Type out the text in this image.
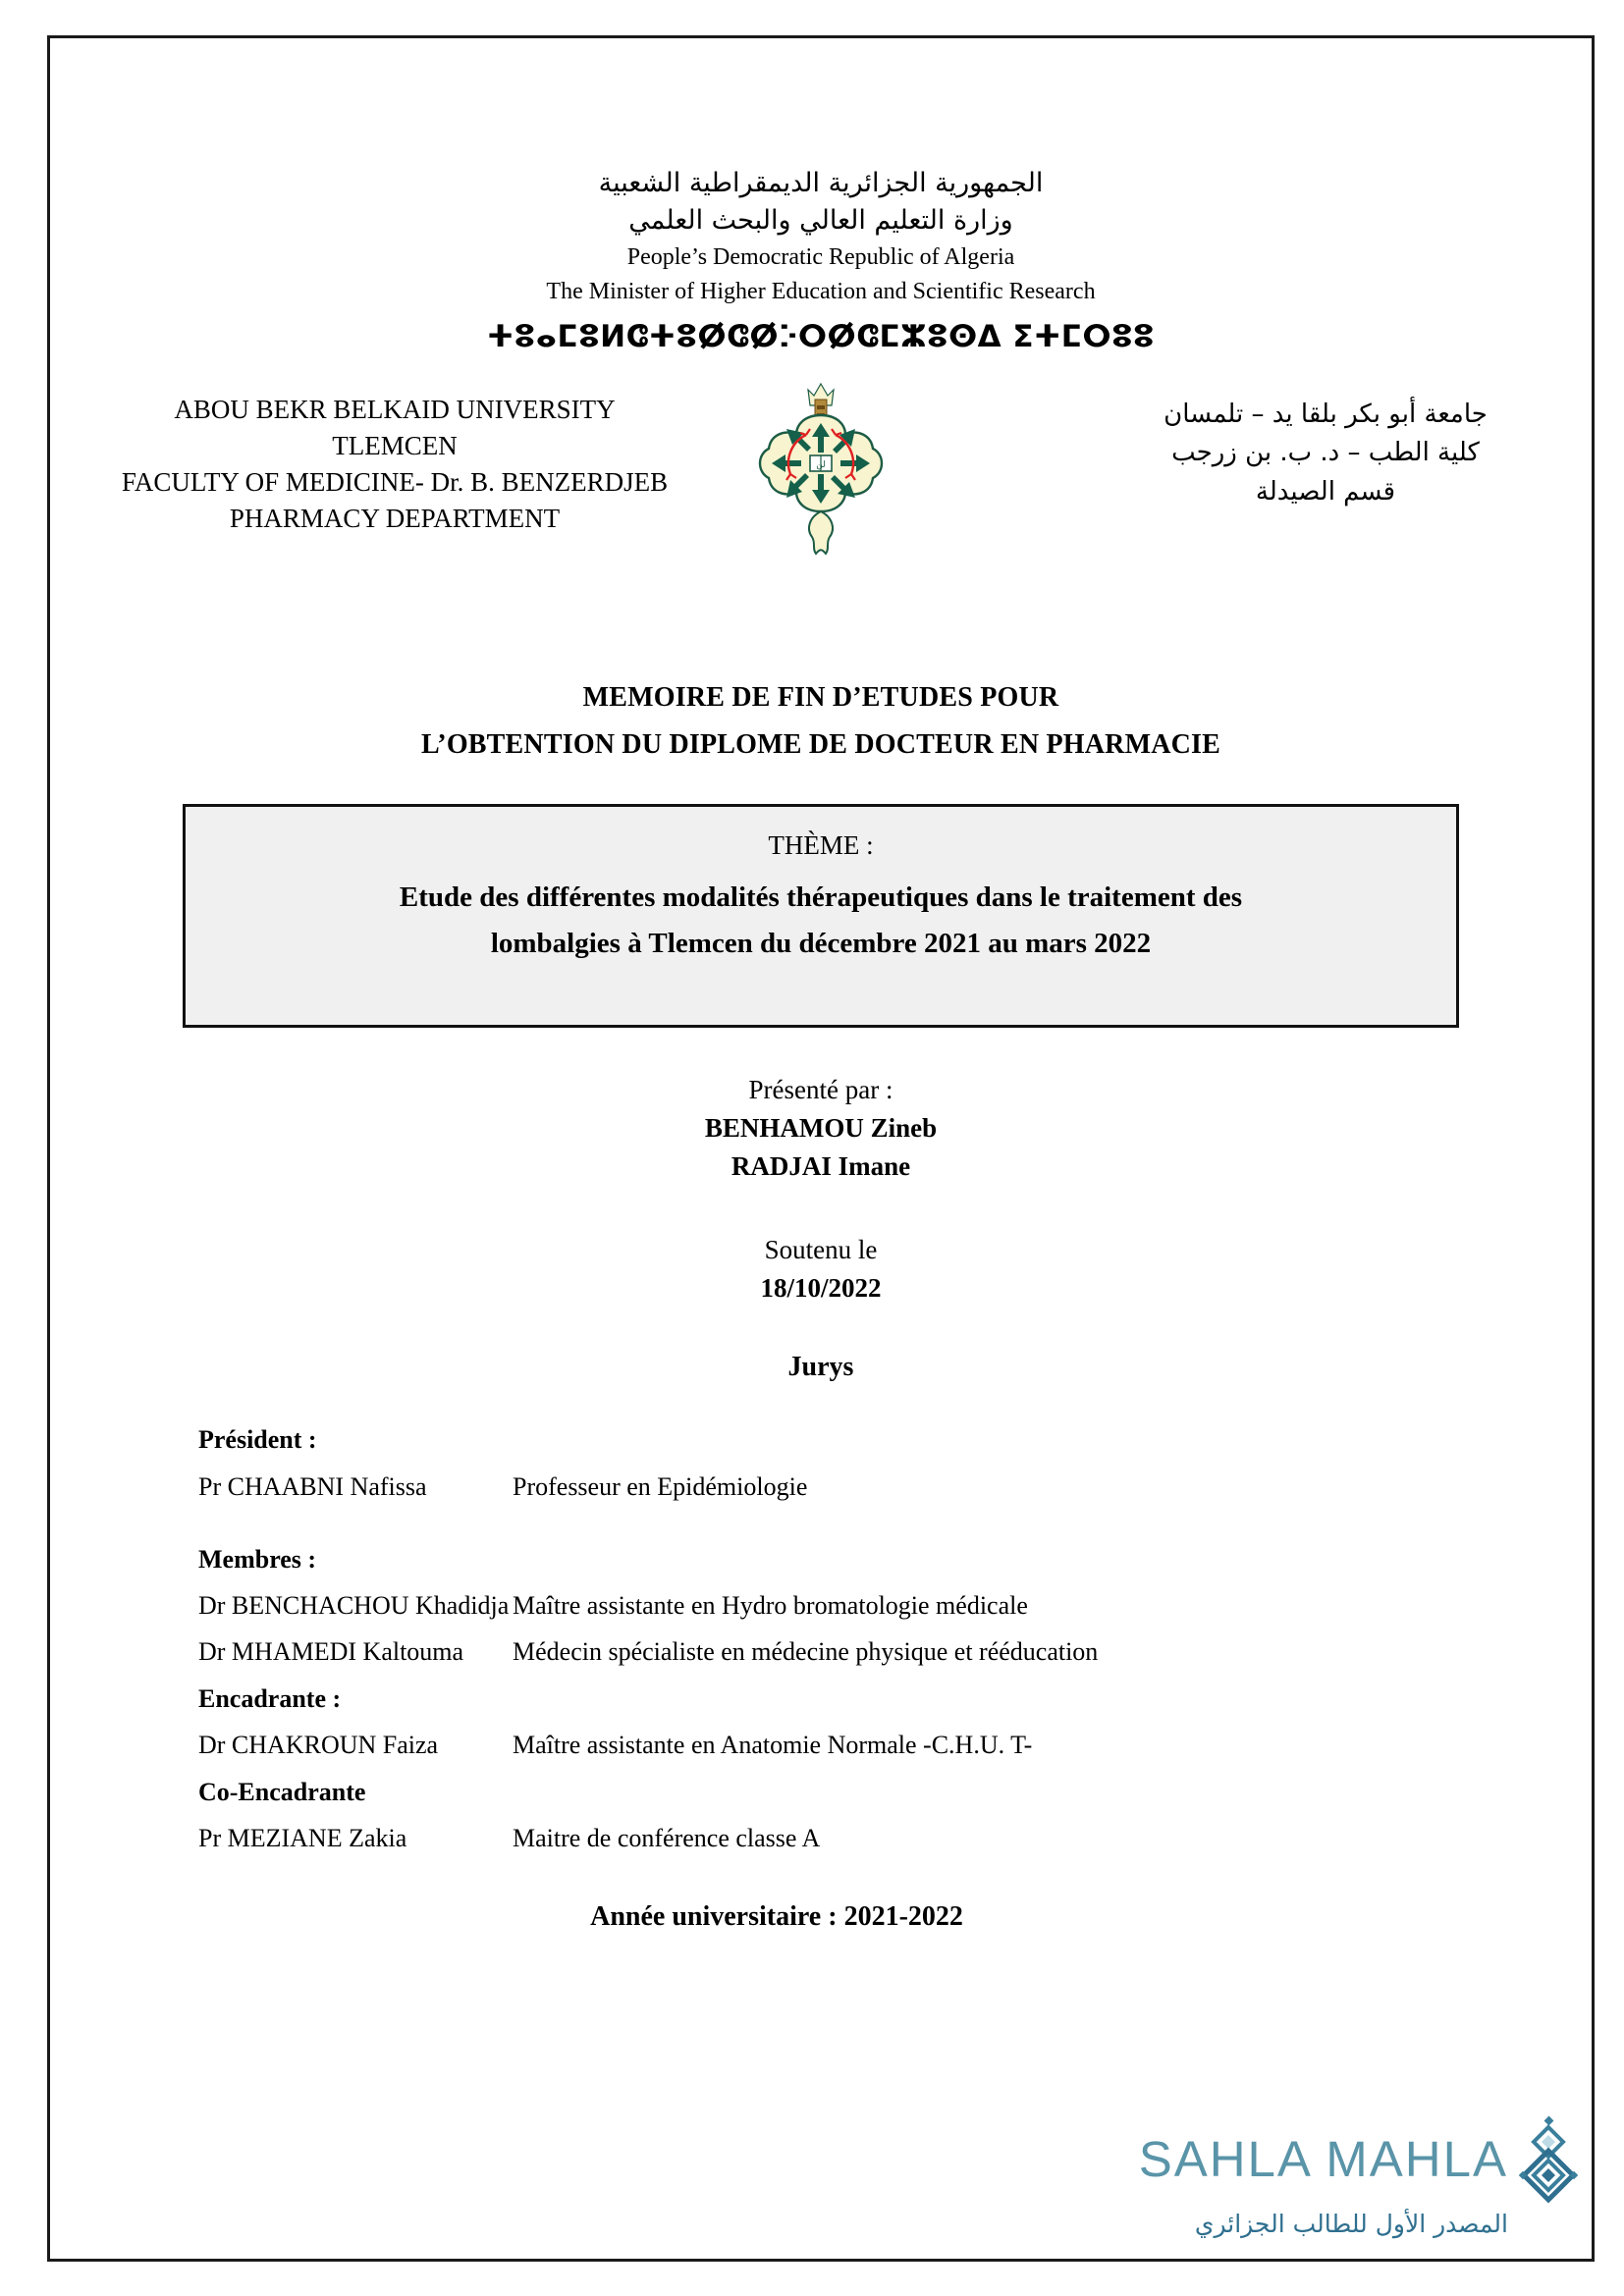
الجمهورية الجزائرية الديمقراطية الشعبية
وزارة التعليم العالي والبحث العلمي
People’s Democratic Republic of Algeria
The Minister of Higher Education and Scientific Research
ⵜⵓⴰⵎⵓⵍⵛⵜⵓⵁⵛⵁⴾⵔⵁⵛⵎⵣⵓⵙⵠ ⵉⵜⵎⵔⵓⵓ
ABOU BEKR BELKAID UNIVERSITY
TLEMCEN
FACULTY OF MEDICINE- Dr. B. BENZERDJEB
PHARMACY DEPARTMENT
ﻟﻦ
جامعة أبو بكر بلقا يد – تلمسان
كلية الطب – د. ب. بن زرجب
قسم الصيدلة
MEMOIRE DE FIN D’ETUDES POUR
L’OBTENTION DU DIPLOME DE DOCTEUR EN PHARMACIE
THÈME :
Etude des différentes modalités thérapeutiques dans le traitement des
lombalgies à Tlemcen du décembre 2021 au mars 2022
Présenté par :
BENHAMOU Zineb
RADJAI Imane
Soutenu le
18/10/2022
Jurys
Président :
Pr CHAABNI Nafissa	Professeur en Epidémiologie
Membres :
Dr BENCHACHOU Khadidja Maître assistante en Hydro bromatologie médicale
Dr MHAMEDI Kaltouma	Médecin spécialiste en médecine physique et rééducation
Encadrante :
Dr CHAKROUN Faiza	Maître assistante en Anatomie Normale -C.H.U. T-
Co-Encadrante
Pr MEZIANE Zakia	Maitre de conférence classe A
Année universitaire : 2021-2022
SAHLA MAHLA
المصدر الأول للطالب الجزائري
